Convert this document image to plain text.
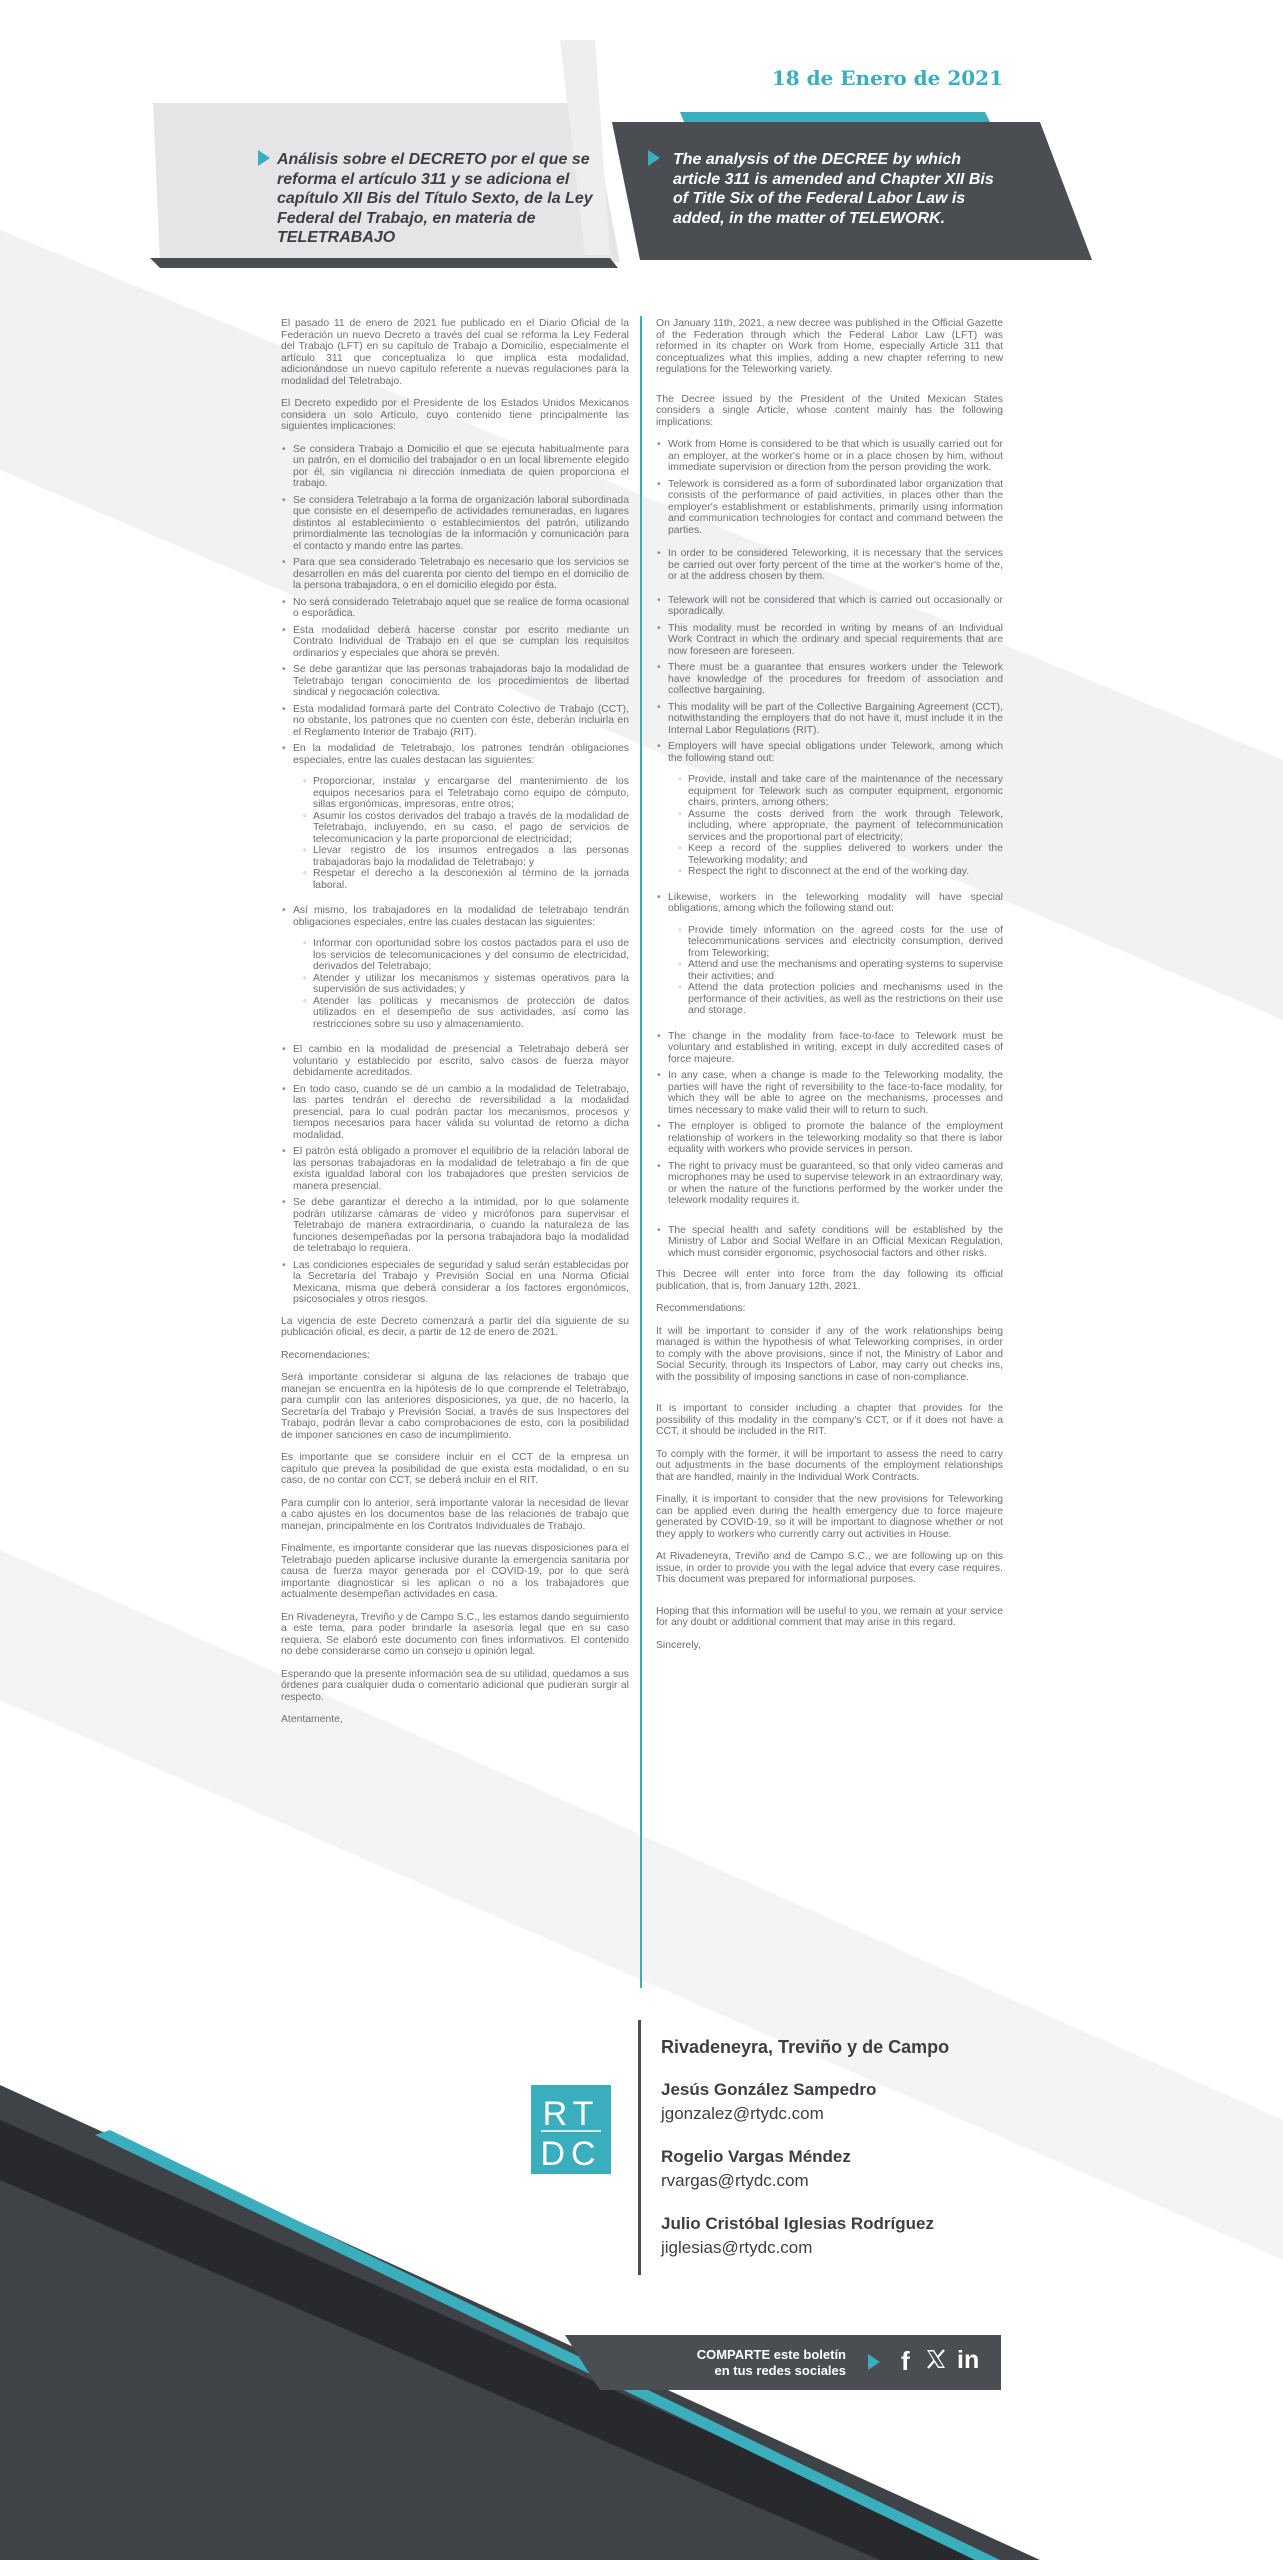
18 de Enero de 2021
Análisis sobre el DECRETO por el que se reforma el artículo 311 y se adiciona el capítulo XII Bis del Título Sexto, de la Ley Federal del Trabajo, en materia de TELETRABAJO
The analysis of the DECREE by which article 311 is amended and Chapter XII Bis of Title Six of the Federal Labor Law is added, in the matter of TELEWORK.

El pasado 11 de enero de 2021 fue publicado en el Diario Oficial de la Federación un nuevo Decreto a través del cual se reforma la Ley Federal del Trabajo (LFT) en su capítulo de Trabajo a Domicilio, especialmente el artículo 311 que conceptualiza lo que implica esta modalidad, adicionándose un nuevo capítulo referente a nuevas regulaciones para la modalidad del Teletrabajo.

El Decreto expedido por el Presidente de los Estados Unidos Mexicanos considera un solo Artículo, cuyo contenido tiene principalmente las siguientes implicaciones:

• Se considera Trabajo a Domicilio el que se ejecuta habitualmente para un patrón, en el domicilio del trabajador o en un local libremente elegido por él, sin vigilancia ni dirección inmediata de quien proporciona el trabajo.
• Se considera Teletrabajo a la forma de organización laboral subordinada que consiste en el desempeño de actividades remuneradas, en lugares distintos al establecimiento o establecimientos del patrón, utilizando primordialmente las tecnologías de la información y comunicación para el contacto y mando entre las partes.
• Para que sea considerado Teletrabajo es necesario que los servicios se desarrollen en más del cuarenta por ciento del tiempo en el domicilio de la persona trabajadora, o en el domicilio elegido por ésta.
• No será considerado Teletrabajo aquel que se realice de forma ocasional o esporádica.
• Esta modalidad deberá hacerse constar por escrito mediante un Contrato Individual de Trabajo en el que se cumplan los requisitos ordinarios y especiales que ahora se prevén.
• Se debe garantizar que las personas trabajadoras bajo la modalidad de Teletrabajo tengan conocimiento de los procedimientos de libertad sindical y negociación colectiva.
• Esta modalidad formará parte del Contrato Colectivo de Trabajo (CCT), no obstante, los patrones que no cuenten con éste, deberán incluirla en el Reglamento Interior de Trabajo (RIT).
• En la modalidad de Teletrabajo, los patrones tendrán obligaciones especiales, entre las cuales destacan las siguientes:
◦ Proporcionar, instalar y encargarse del mantenimiento de los equipos necesarios para el Teletrabajo como equipo de cómputo, sillas ergonómicas, impresoras, entre otros;
◦ Asumir los costos derivados del trabajo a través de la modalidad de Teletrabajo, incluyendo, en su caso, el pago de servicios de telecomunicacion y la parte proporcional de electricidad;
◦ Llevar registro de los insumos entregados a las personas trabajadoras bajo la modalidad de Teletrabajo; y
◦ Respetar el derecho a la desconexión al término de la jornada laboral.
• Así mismo, los trabajadores en la modalidad de teletrabajo tendrán obligaciones especiales, entre las cuales destacan las siguientes:
◦ Informar con oportunidad sobre los costos pactados para el uso de los servicios de telecomunicaciones y del consumo de electricidad, derivados del Teletrabajo;
◦ Atender y utilizar los mecanismos y sistemas operativos para la supervisión de sus actividades; y
◦ Atender las políticas y mecanismos de protección de datos utilizados en el desempeño de sus actividades, así como las restricciones sobre su uso y almacenamiento.
• El cambio en la modalidad de presencial a Teletrabajo deberá ser voluntario y establecido por escrito, salvo casos de fuerza mayor debidamente acreditados.
• En todo caso, cuando se dé un cambio a la modalidad de Teletrabajo, las partes tendrán el derecho de reversibilidad a la modalidad presencial, para lo cual podrán pactar los mecanismos, procesos y tiempos necesarios para hacer válida su voluntad de retorno a dicha modalidad.
• El patrón está obligado a promover el equilibrio de la relación laboral de las personas trabajadoras en la modalidad de teletrabajo a fin de que exista igualdad laboral con los trabajadores que presten servicios de manera presencial.
• Se debe garantizar el derecho a la intimidad, por lo que solamente podrán utilizarse cámaras de video y micrófonos para supervisar el Teletrabajo de manera extraordinaria, o cuando la naturaleza de las funciones desempeñadas por la persona trabajadora bajo la modalidad de teletrabajo lo requiera.
• Las condiciones especiales de seguridad y salud serán establecidas por la Secretaría del Trabajo y Previsión Social en una Norma Oficial Mexicana, misma que deberá considerar a los factores ergonómicos, psicosociales y otros riesgos.

La vigencia de este Decreto comenzará a partir del día siguiente de su publicación oficial, es decir, a partir de 12 de enero de 2021.

Recomendaciones:

Será importante considerar si alguna de las relaciones de trabajo que manejan se encuentra en la hipótesis de lo que comprende el Teletrabajo, para cumplir con las anteriores disposiciones, ya que, de no hacerlo, la Secretaría del Trabajo y Previsión Social, a través de sus Inspectores del Trabajo, podrán llevar a cabo comprobaciones de esto, con la posibilidad de imponer sanciones en caso de incumplimiento.

Es importante que se considere incluir en el CCT de la empresa un capítulo que prevea la posibilidad de que exista esta modalidad, o en su caso, de no contar con CCT, se deberá incluir en el RIT.

Para cumplir con lo anterior, será importante valorar la necesidad de llevar a cabo ajustes en los documentos base de las relaciones de trabajo que manejan, principalmente en los Contratos Individuales de Trabajo.

Finalmente, es importante considerar que las nuevas disposiciones para el Teletrabajo pueden aplicarse inclusive durante la emergencia sanitaria por causa de fuerza mayor generada por el COVID-19, por lo que será importante diagnosticar si les aplican o no a los trabajadores que actualmente desempeñan actividades en casa.

En Rivadeneyra, Treviño y de Campo S.C., les estamos dando seguimiento a este tema, para poder brindarle la asesoría legal que en su caso requiera. Se elaboró este documento con fines informativos. El contenido no debe considerarse como un consejo u opinión legal.

Esperando que la presente información sea de su utilidad, quedamos a sus órdenes para cualquier duda o comentario adicional que pudieran surgir al respecto.

Atentamente,

On January 11th, 2021, a new decree was published in the Official Gazette of the Federation through which the Federal Labor Law (LFT) was reformed in its chapter on Work from Home, especially Article 311 that conceptualizes what this implies, adding a new chapter referring to new regulations for the Teleworking variety.

The Decree issued by the President of the United Mexican States considers a single Article, whose content mainly has the following implications:

• Work from Home is considered to be that which is usually carried out for an employer, at the worker's home or in a place chosen by him, without immediate supervision or direction from the person providing the work.
• Telework is considered as a form of subordinated labor organization that consists of the performance of paid activities, in places other than the employer's establishment or establishments, primarily using information and communication technologies for contact and command between the parties.
• In order to be considered Teleworking, it is necessary that the services be carried out over forty percent of the time at the worker's home of the, or at the address chosen by them.
• Telework will not be considered that which is carried out occasionally or sporadically.
• This modality must be recorded in writing by means of an Individual Work Contract in which the ordinary and special requirements that are now foreseen are foreseen.
• There must be a guarantee that ensures workers under the Telework have knowledge of the procedures for freedom of association and collective bargaining.
• This modality will be part of the Collective Bargaining Agreement (CCT), notwithstanding the employers that do not have it, must include it in the Internal Labor Regulations (RIT).
• Employers will have special obligations under Telework, among which the following stand out:
◦ Provide, install and take care of the maintenance of the necessary equipment for Telework such as computer equipment, ergonomic chairs, printers, among others;
◦ Assume the costs derived from the work through Telework, including, where appropriate, the payment of telecommunication services and the proportional part of electricity;
◦ Keep a record of the supplies delivered to workers under the Teleworking modality; and
◦ Respect the right to disconnect at the end of the working day.
• Likewise, workers in the teleworking modality will have special obligations, among which the following stand out:
◦ Provide timely information on the agreed costs for the use of telecommunications services and electricity consumption, derived from Teleworking;
◦ Attend and use the mechanisms and operating systems to supervise their activities; and
◦ Attend the data protection policies and mechanisms used in the performance of their activities, as well as the restrictions on their use and storage.
• The change in the modality from face-to-face to Telework must be voluntary and established in writing, except in duly accredited cases of force majeure.
• In any case, when a change is made to the Teleworking modality, the parties will have the right of reversibility to the face-to-face modality, for which they will be able to agree on the mechanisms, processes and times necessary to make valid their will to return to such.
• The employer is obliged to promote the balance of the employment relationship of workers in the teleworking modality so that there is labor equality with workers who provide services in person.
• The right to privacy must be guaranteed, so that only video cameras and microphones may be used to supervise telework in an extraordinary way, or when the nature of the functions performed by the worker under the telework modality requires it.
• The special health and safety conditions will be established by the Ministry of Labor and Social Welfare in an Official Mexican Regulation, which must consider ergonomic, psychosocial factors and other risks.

This Decree will enter into force from the day following its official publication, that is, from January 12th, 2021.

Recommendations:

It will be important to consider if any of the work relationships being managed is within the hypothesis of what Teleworking comprises, in order to comply with the above provisions, since if not, the Ministry of Labor and Social Security, through its Inspectors of Labor, may carry out checks ins, with the possibility of imposing sanctions in case of non-compliance.

It is important to consider including a chapter that provides for the possibility of this modality in the company's CCT, or if it does not have a CCT, it should be included in the RIT.

To comply with the former, it will be important to assess the need to carry out adjustments in the base documents of the employment relationships that are handled, mainly in the Individual Work Contracts.

Finally, it is important to consider that the new provisions for Teleworking can be applied even during the health emergency due to force majeure generated by COVID-19, so it will be important to diagnose whether or not they apply to workers who currently carry out activities in House.

At Rivadeneyra, Treviño and de Campo S.C., we are following up on this issue, in order to provide you with the legal advice that every case requires. This document was prepared for informational purposes.

Hoping that this information will be useful to you, we remain at your service for any doubt or additional comment that may arise in this regard.

Sincerely,

RT
DC
Rivadeneyra, Treviño y de Campo
Jesús González Sampedro
jgonzalez@rtydc.com
Rogelio Vargas Méndez
rvargas@rtydc.com
Julio Cristóbal Iglesias Rodríguez
jiglesias@rtydc.com
COMPARTE este boletín
en tus redes sociales f in
